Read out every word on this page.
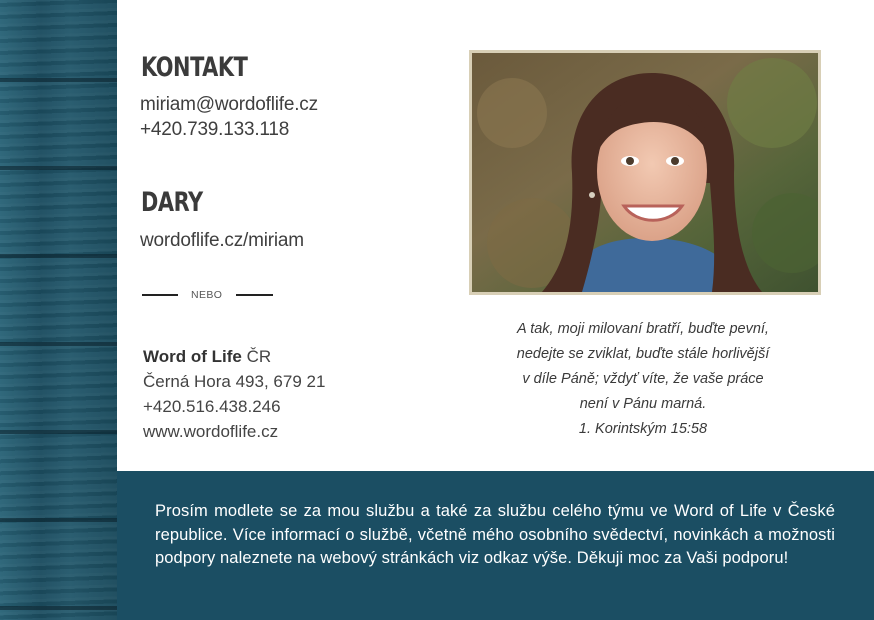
KONTAKT
miriam@wordoflife.cz
+420.739.133.118
DARY
wordoflife.cz/miriam
NEBO
Word of Life ČR
Černá Hora 493, 679 21
+420.516.438.246
www.wordoflife.cz
A tak, moji milovaní bratří, buďte pevní,
nedejte se zviklat, buďte stále horlivější
v díle Páně; vždyť víte, že vaše práce
není v Pánu marná.
1. Korintským 15:58
Prosím modlete se za mou službu a také za službu celého týmu ve Word of Life v České republice. Více informací o službě, včetně mého osobního svědectví, novinkách a možnosti podpory naleznete na webový stránkách viz odkaz výše. Děkuji moc za Vaši podporu!
